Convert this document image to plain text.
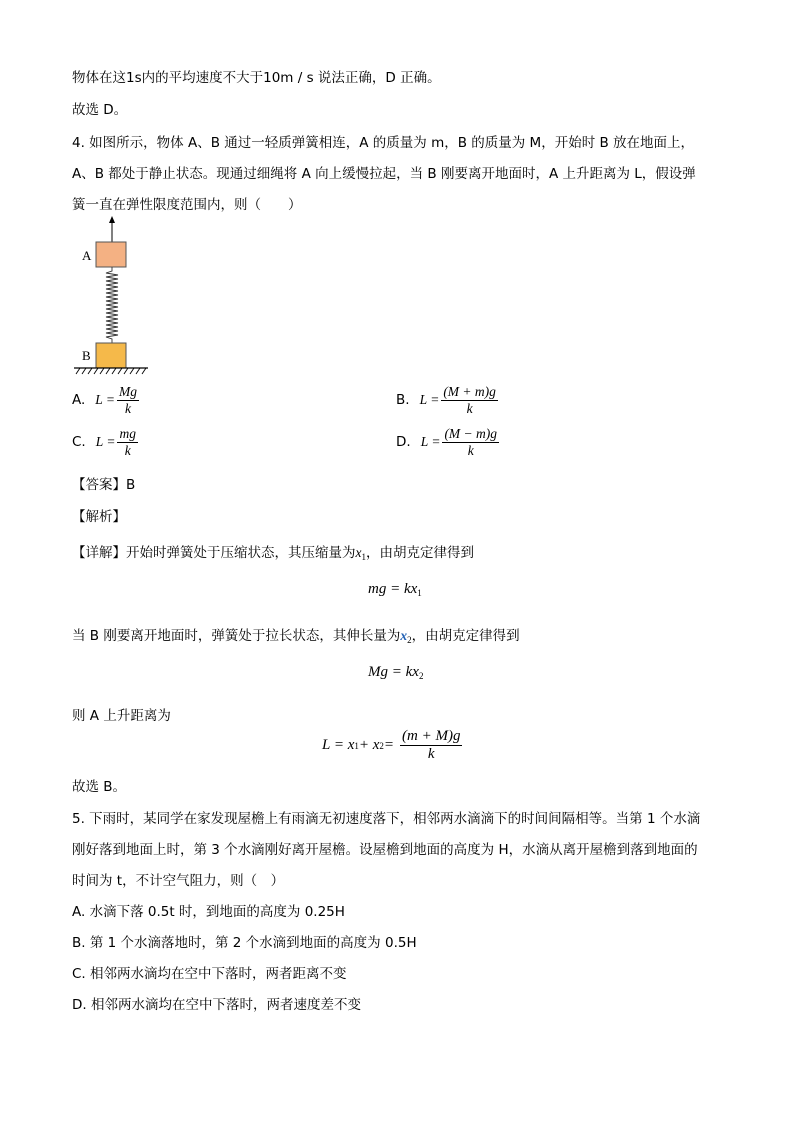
物体在这1s内的平均速度不大于10m / s 说法正确，D 正确。
故选 D。
4. 如图所示，物体 A、B 通过一轻质弹簧相连，A 的质量为 m，B 的质量为 M，开始时 B 放在地面上，
A、B 都处于静止状态。现通过细绳将 A 向上缓慢拉起，当 B 刚要离开地面时，A 上升距离为 L，假设弹
簧一直在弹性限度范围内，则（　　）
A
B
A. $L = \frac{Mg}{k}$	B. $L = \frac{(M + m)g}{k}$
C. $L = \frac{mg}{k}$	D. $L = \frac{(M - m)g}{k}$
【答案】B
【解析】
【详解】开始时弹簧处于压缩状态，其压缩量为$x_1$，由胡克定律得到
mg = $kx_1$
当 B 刚要离开地面时，弹簧处于拉长状态，其伸长量为$x_2$，由胡克定律得到
$Mg = kx_2$
则 A 上升距离为
L = x 1 + x $2 = \frac{(m + M)g}{k}$
故选 B。
5. 下雨时，某同学在家发现屋檐上有雨滴无初速度落下，相邻两水滴滴下的时间间隔相等。当第 1 个水滴
刚好落到地面上时，第 3 个水滴刚好离开屋檐。设屋檐到地面的高度为 H，水滴从离开屋檐到落到地面的
时间为 t，不计空气阻力，则（　）
A. 水滴下落 0.5t 时，到地面的高度为 0.25H
B. 第 1 个水滴落地时，第 2 个水滴到地面的高度为 0.5H
C. 相邻两水滴均在空中下落时，两者距离不变
D. 相邻两水滴均在空中下落时，两者速度差不变
